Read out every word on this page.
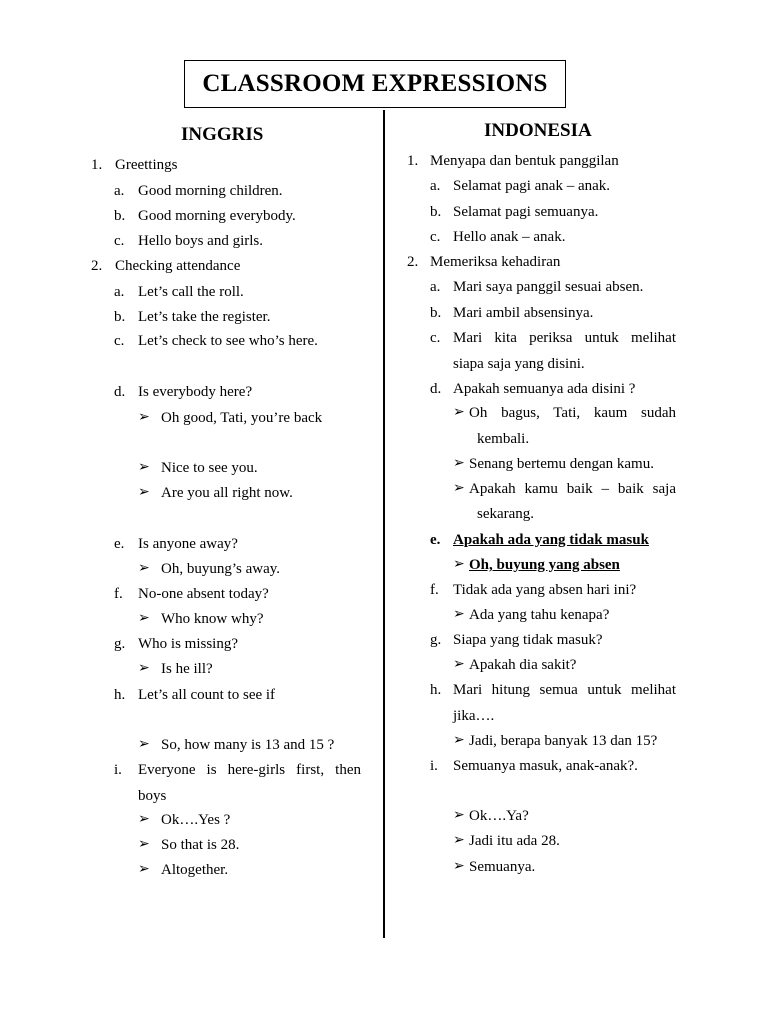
CLASSROOM EXPRESSIONS
INGGRIS
1. Greettings
a. Good morning children.
b. Good morning everybody.
c. Hello boys and girls.
2. Checking attendance
a. Let’s call the roll.
b. Let’s take the register.
c. Let’s check to see who’s here.
d. Is everybody here?
➢ Oh good, Tati, you’re back
➢ Nice to see you.
➢ Are you all right now.
e. Is anyone away?
➢ Oh, buyung’s away.
f. No-one absent today?
➢ Who know why?
g. Who is missing?
➢ Is he ill?
h. Let’s all count to see if
➢ So, how many is 13 and 15 ?
i. Everyone is here-girls first, then
boys
➢ Ok….Yes ?
➢ So that is 28.
➢ Altogether.
INDONESIA
1. Menyapa dan bentuk panggilan
a. Selamat pagi anak – anak.
b. Selamat pagi semuanya.
c. Hello anak – anak.
2. Memeriksa kehadiran
a. Mari saya panggil sesuai absen.
b. Mari ambil absensinya.
c. Mari kita periksa untuk melihat
siapa saja yang disini.
d. Apakah semuanya ada disini ?
➢ Oh bagus, Tati, kaum sudah
kembali.
➢ Senang bertemu dengan kamu.
➢ Apakah kamu baik – baik saja
sekarang.
e. Apakah ada yang tidak masuk
➢ Oh, buyung yang absen
f. Tidak ada yang absen hari ini?
➢ Ada yang tahu kenapa?
g. Siapa yang tidak masuk?
➢ Apakah dia sakit?
h. Mari hitung semua untuk melihat
jika….
➢ Jadi, berapa banyak 13 dan 15?
i. Semuanya masuk, anak-anak?.
➢ Ok….Ya?
➢ Jadi itu ada 28.
➢ Semuanya.
